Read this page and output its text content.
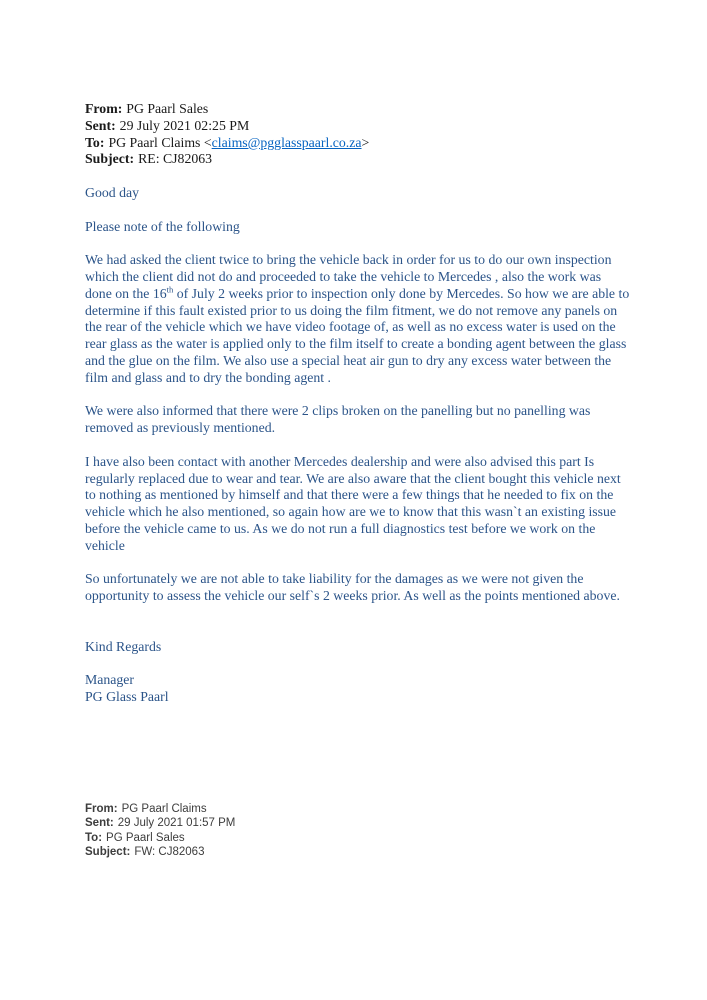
From: PG Paarl Sales
Sent: 29 July 2021 02:25 PM
To: PG Paarl Claims <claims@pgglasspaarl.co.za>
Subject: RE: CJ82063

Good day

Please note of the following

We had asked the client twice to bring the vehicle back in order for us to do our own inspection which the client did not do and proceeded to take the vehicle to Mercedes , also the work was done on the 16th of July 2 weeks prior to inspection only done by Mercedes. So how we are able to determine if this fault existed prior to us doing the film fitment, we do not remove any panels on the rear of the vehicle which we have video footage of, as well as no excess water is used on the rear glass as the water is applied only to the film itself to create a bonding agent between the glass and the glue on the film. We also use a special heat air gun to dry any excess water between the film and glass and to dry the bonding agent .

We were also informed that there were 2 clips broken on the panelling but no panelling was removed as previously mentioned.

I have also been contact with another Mercedes dealership and were also advised this part Is regularly replaced due to wear and tear. We are also aware that the client bought this vehicle next to nothing as mentioned by himself and that there were a few things that he needed to fix on the vehicle which he also mentioned, so again how are we to know that this wasn`t an existing issue before the vehicle came to us. As we do not run a full diagnostics test before we work on the vehicle

So unfortunately we are not able to take liability for the damages as we were not given the opportunity to assess the vehicle our self`s 2 weeks prior. As well as the points mentioned above.

Kind Regards

Manager
PG Glass Paarl
From: PG Paarl Claims
Sent: 29 July 2021 01:57 PM
To: PG Paarl Sales
Subject: FW: CJ82063
